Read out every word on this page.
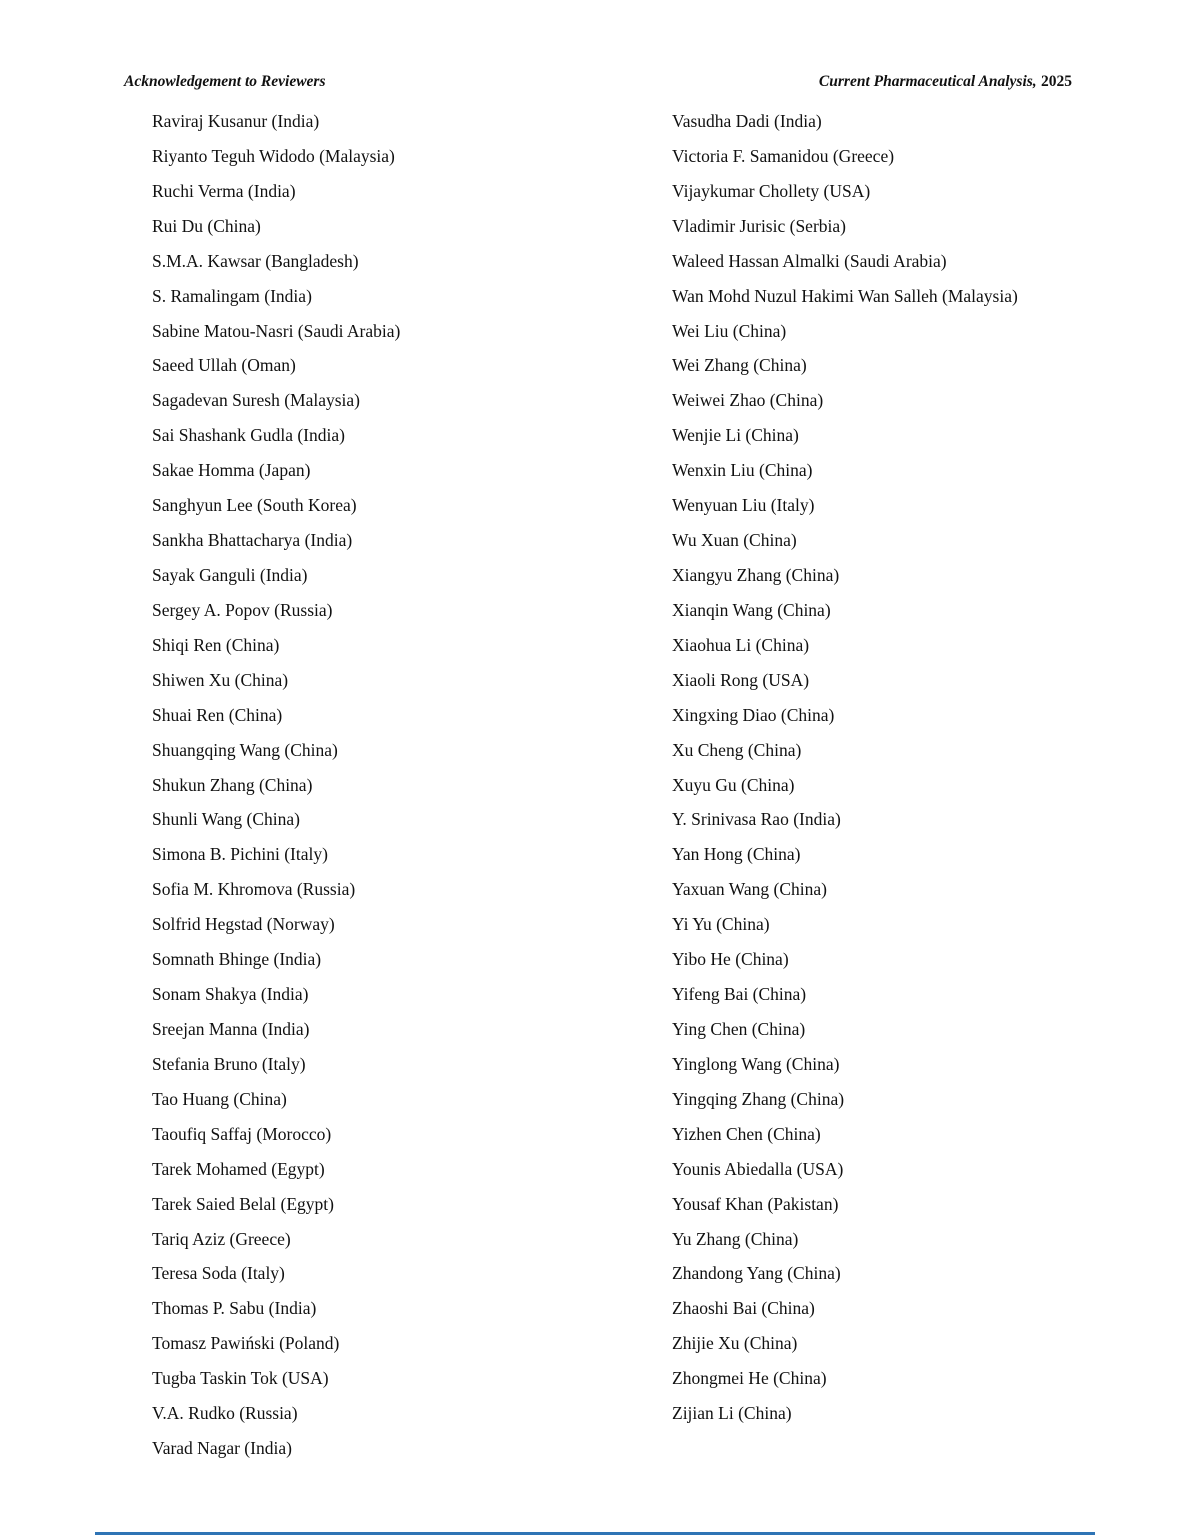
Acknowledgement to Reviewers	Current Pharmaceutical Analysis, 2025
Raviraj Kusanur (India)
Riyanto Teguh Widodo (Malaysia)
Ruchi Verma (India)
Rui Du (China)
S.M.A. Kawsar (Bangladesh)
S. Ramalingam (India)
Sabine Matou-Nasri (Saudi Arabia)
Saeed Ullah (Oman)
Sagadevan Suresh (Malaysia)
Sai Shashank Gudla (India)
Sakae Homma (Japan)
Sanghyun Lee (South Korea)
Sankha Bhattacharya (India)
Sayak Ganguli (India)
Sergey A. Popov (Russia)
Shiqi Ren (China)
Shiwen Xu (China)
Shuai Ren (China)
Shuangqing Wang (China)
Shukun Zhang (China)
Shunli Wang (China)
Simona B. Pichini (Italy)
Sofia M. Khromova (Russia)
Solfrid Hegstad (Norway)
Somnath Bhinge (India)
Sonam Shakya (India)
Sreejan Manna (India)
Stefania Bruno (Italy)
Tao Huang (China)
Taoufiq Saffaj (Morocco)
Tarek Mohamed (Egypt)
Tarek Saied Belal (Egypt)
Tariq Aziz (Greece)
Teresa Soda (Italy)
Thomas P. Sabu (India)
Tomasz Pawiński (Poland)
Tugba Taskin Tok (USA)
V.A. Rudko (Russia)
Varad Nagar (India)
Vasudha Dadi (India)
Victoria F. Samanidou (Greece)
Vijaykumar Chollety (USA)
Vladimir Jurisic (Serbia)
Waleed Hassan Almalki (Saudi Arabia)
Wan Mohd Nuzul Hakimi Wan Salleh (Malaysia)
Wei Liu (China)
Wei Zhang (China)
Weiwei Zhao (China)
Wenjie Li (China)
Wenxin Liu (China)
Wenyuan Liu (Italy)
Wu Xuan (China)
Xiangyu Zhang (China)
Xianqin Wang (China)
Xiaohua Li (China)
Xiaoli Rong (USA)
Xingxing Diao (China)
Xu Cheng (China)
Xuyu Gu (China)
Y. Srinivasa Rao (India)
Yan Hong (China)
Yaxuan Wang (China)
Yi Yu (China)
Yibo He (China)
Yifeng Bai (China)
Ying Chen (China)
Yinglong Wang (China)
Yingqing Zhang (China)
Yizhen Chen (China)
Younis Abiedalla (USA)
Yousaf Khan (Pakistan)
Yu Zhang (China)
Zhandong Yang (China)
Zhaoshi Bai (China)
Zhijie Xu (China)
Zhongmei He (China)
Zijian Li (China)
